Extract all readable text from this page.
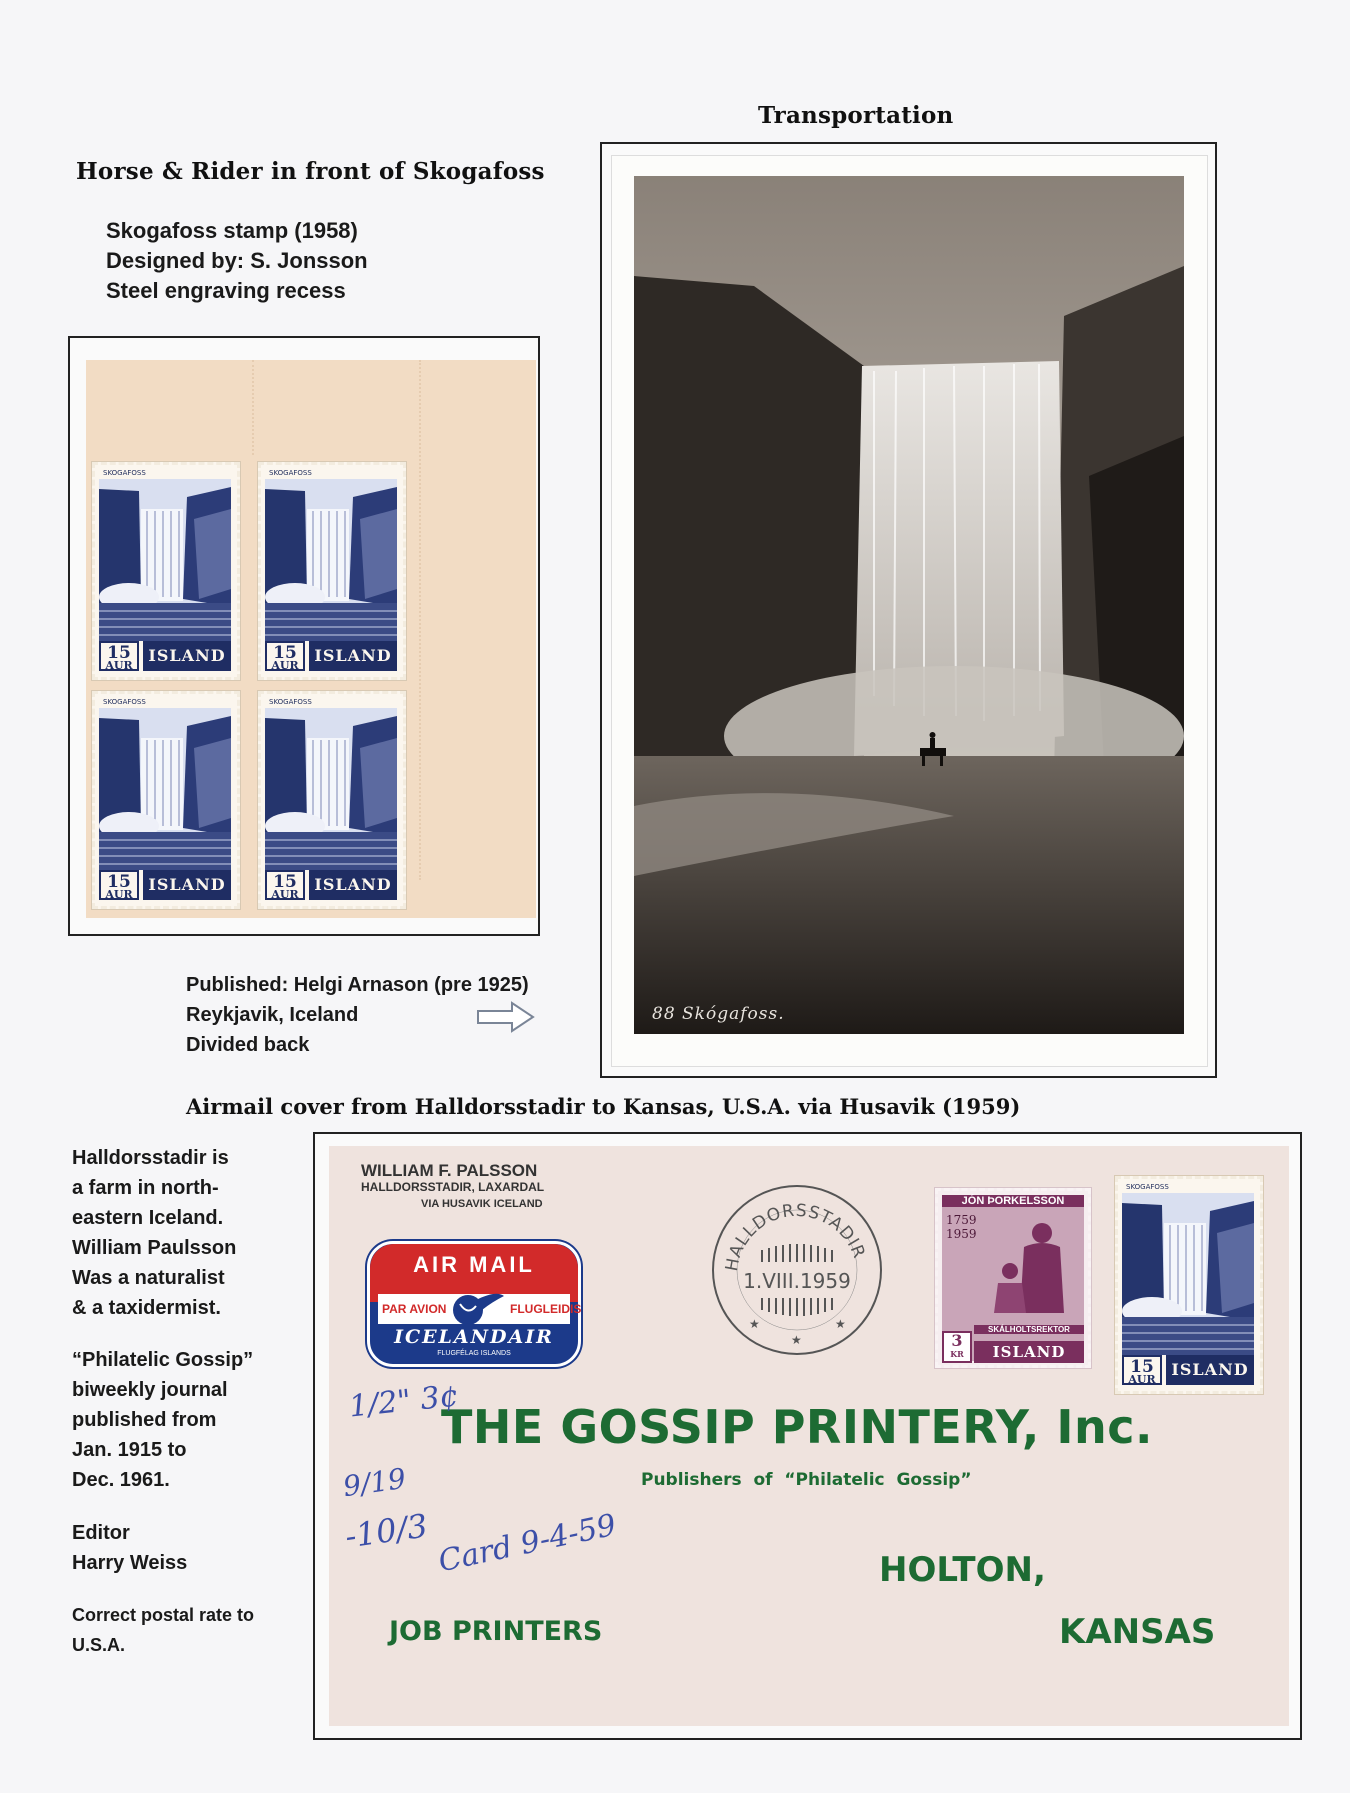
Transportation
Horse & Rider in front of Skogafoss
Skogafoss stamp (1958)
Designed by: S. Jonsson
Steel engraving recess
SKOGAFOSS
15
AUR
ISLAND
SKOGAFOSS
15
AUR
ISLAND
SKOGAFOSS
15
AUR
ISLAND
SKOGAFOSS
15
AUR
ISLAND
Published: Helgi Arnason (pre 1925)
Reykjavik, Iceland
Divided back
88 Skógafoss.
Airmail cover from Halldorsstadir to Kansas, U.S.A. via Husavik (1959)
Halldorsstadir is
a farm in north-
eastern Iceland.
William Paulsson
Was a naturalist
& a taxidermist.
“Philatelic Gossip”
biweekly journal
published from
Jan. 1915 to
Dec. 1961.
Editor
Harry Weiss
Correct postal rate to
U.S.A.
WILLIAM F. PALSSON
HALLDORSSTADIR, LAXARDAL
VIA HUSAVIK ICELAND
AIR MAIL
PAR AVION	FLUGLEIDIS
ICELANDAIR
FLUGFÉLAG ISLANDS
HALLDORSSTADIR
1.VIII.1959
★
★
★
JÓN ÞORKELSSON
1759
1959
SKÁLHOLTSREKTOR
3
KR	ISLAND
SKOGAFOSS
15
AUR
ISLAND
THE GOSSIP PRINTERY, Inc.
Publishers  of  “Philatelic  Gossip”
HOLTON,
JOB PRINTERS	KANSAS
1/2" 3¢
9/19
-10/3 Card 9-4-59
